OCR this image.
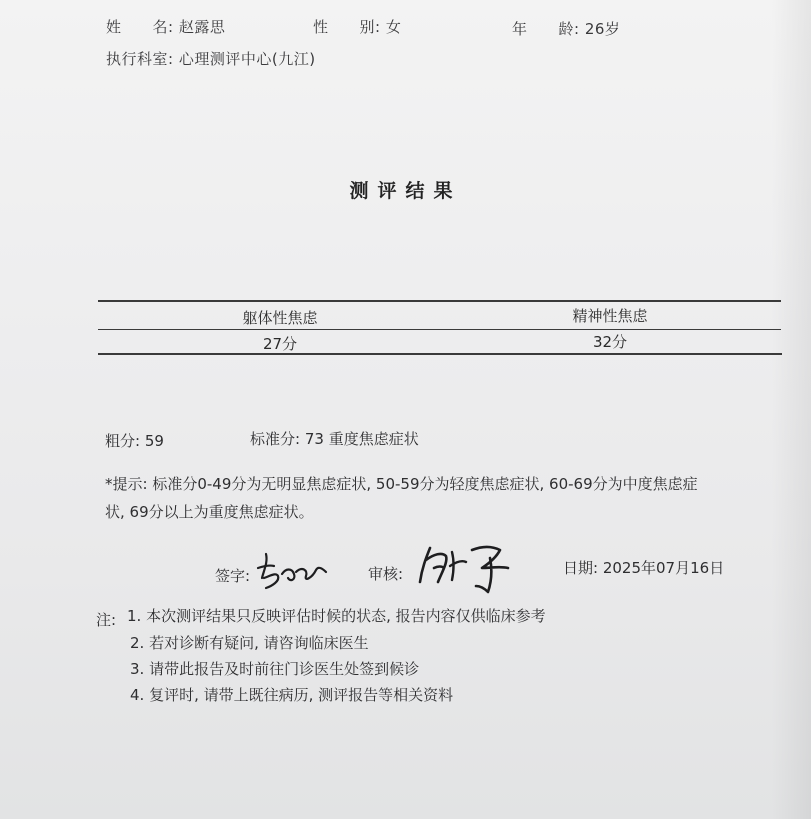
姓　　名: 赵露思	性　　别: 女	年　　龄: 26岁
执行科室: 心理测评中心(九江)
测评结果
躯体性焦虑	精神性焦虑
27分	32分
粗分: 59	标准分: 73 重度焦虑症状
*提示: 标准分0-49分为无明显焦虑症状, 50-59分为轻度焦虑症状, 60-69分为中度焦虑症
状, 69分以上为重度焦虑症状。
签字:	审核:	日期: 2025年07月16日
注: 1. 本次测评结果只反映评估时候的状态, 报告内容仅供临床参考
2. 若对诊断有疑问, 请咨询临床医生
3. 请带此报告及时前往门诊医生处签到候诊
4. 复评时, 请带上既往病历, 测评报告等相关资料
